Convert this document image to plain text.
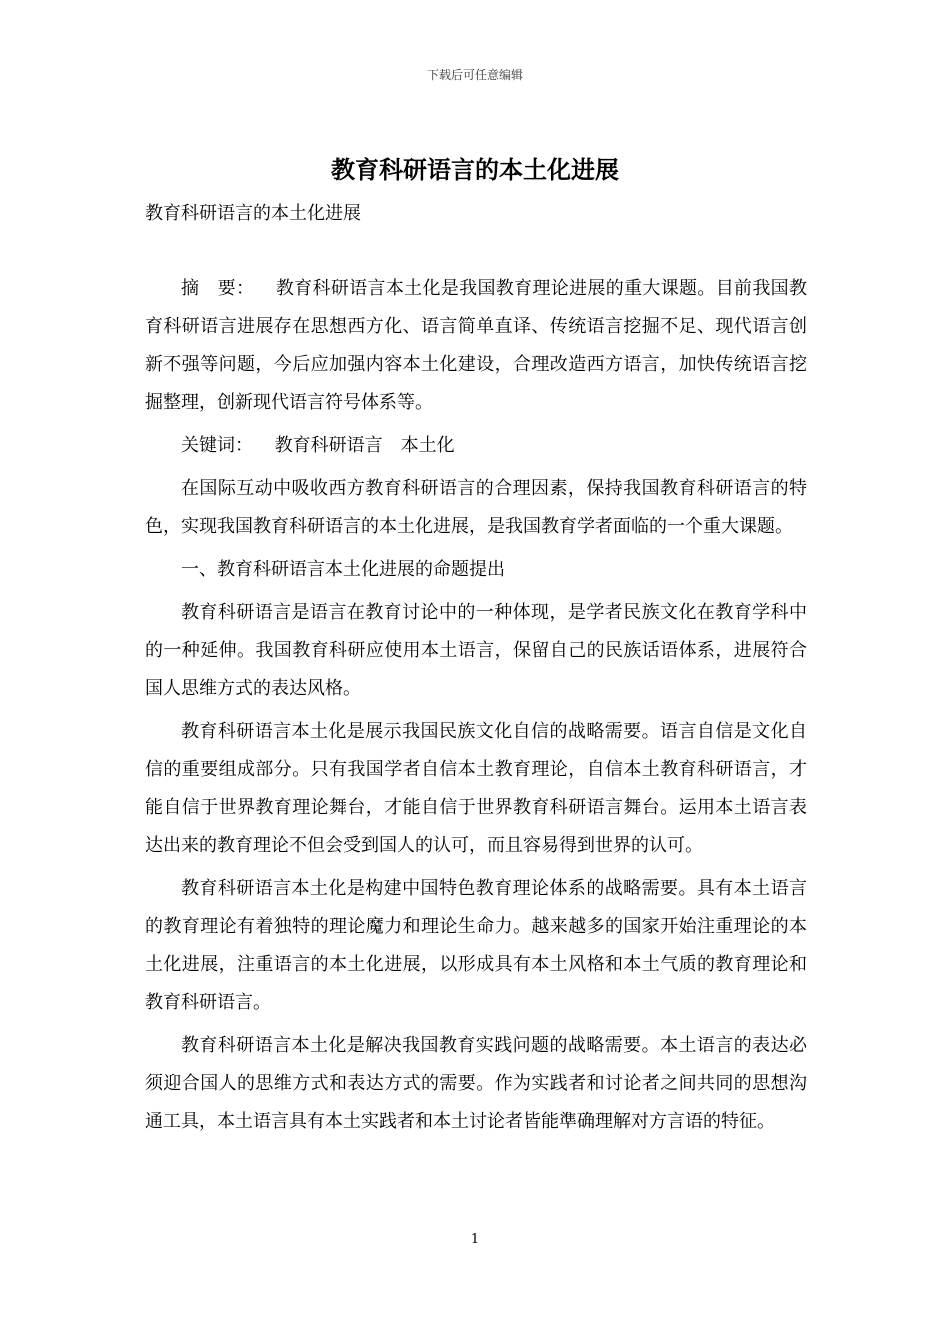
下载后可任意编辑
教育科研语言的本土化进展

教育科研语言的本土化进展

摘　要： 教育科研语言本土化是我国教育理论进展的重大课题。目前我国教育科研语言进展存在思想西方化、语言简单直译、传统语言挖掘不足、现代语言创新不强等问题，今后应加强内容本土化建设，合理改造西方语言，加快传统语言挖掘整理，创新现代语言符号体系等。

关键词： 教育科研语言 本土化

在国际互动中吸收西方教育科研语言的合理因素，保持我国教育科研语言的特色，实现我国教育科研语言的本土化进展，是我国教育学者面临的一个重大课题。

一、教育科研语言本土化进展的命题提出

教育科研语言是语言在教育讨论中的一种体现，是学者民族文化在教育学科中的一种延伸。我国教育科研应使用本土语言，保留自己的民族话语体系，进展符合国人思维方式的表达风格。

教育科研语言本土化是展示我国民族文化自信的战略需要。语言自信是文化自信的重要组成部分。只有我国学者自信本土教育理论，自信本土教育科研语言，才能自信于世界教育理论舞台，才能自信于世界教育科研语言舞台。运用本土语言表达出来的教育理论不但会受到国人的认可，而且容易得到世界的认可。

教育科研语言本土化是构建中国特色教育理论体系的战略需要。具有本土语言的教育理论有着独特的理论魔力和理论生命力。越来越多的国家开始注重理论的本土化进展，注重语言的本土化进展，以形成具有本土风格和本土气质的教育理论和教育科研语言。

教育科研语言本土化是解决我国教育实践问题的战略需要。本土语言的表达必须迎合国人的思维方式和表达方式的需要。作为实践者和讨论者之间共同的思想沟通工具，本土语言具有本土实践者和本土讨论者皆能準确理解对方言语的特征。

1
